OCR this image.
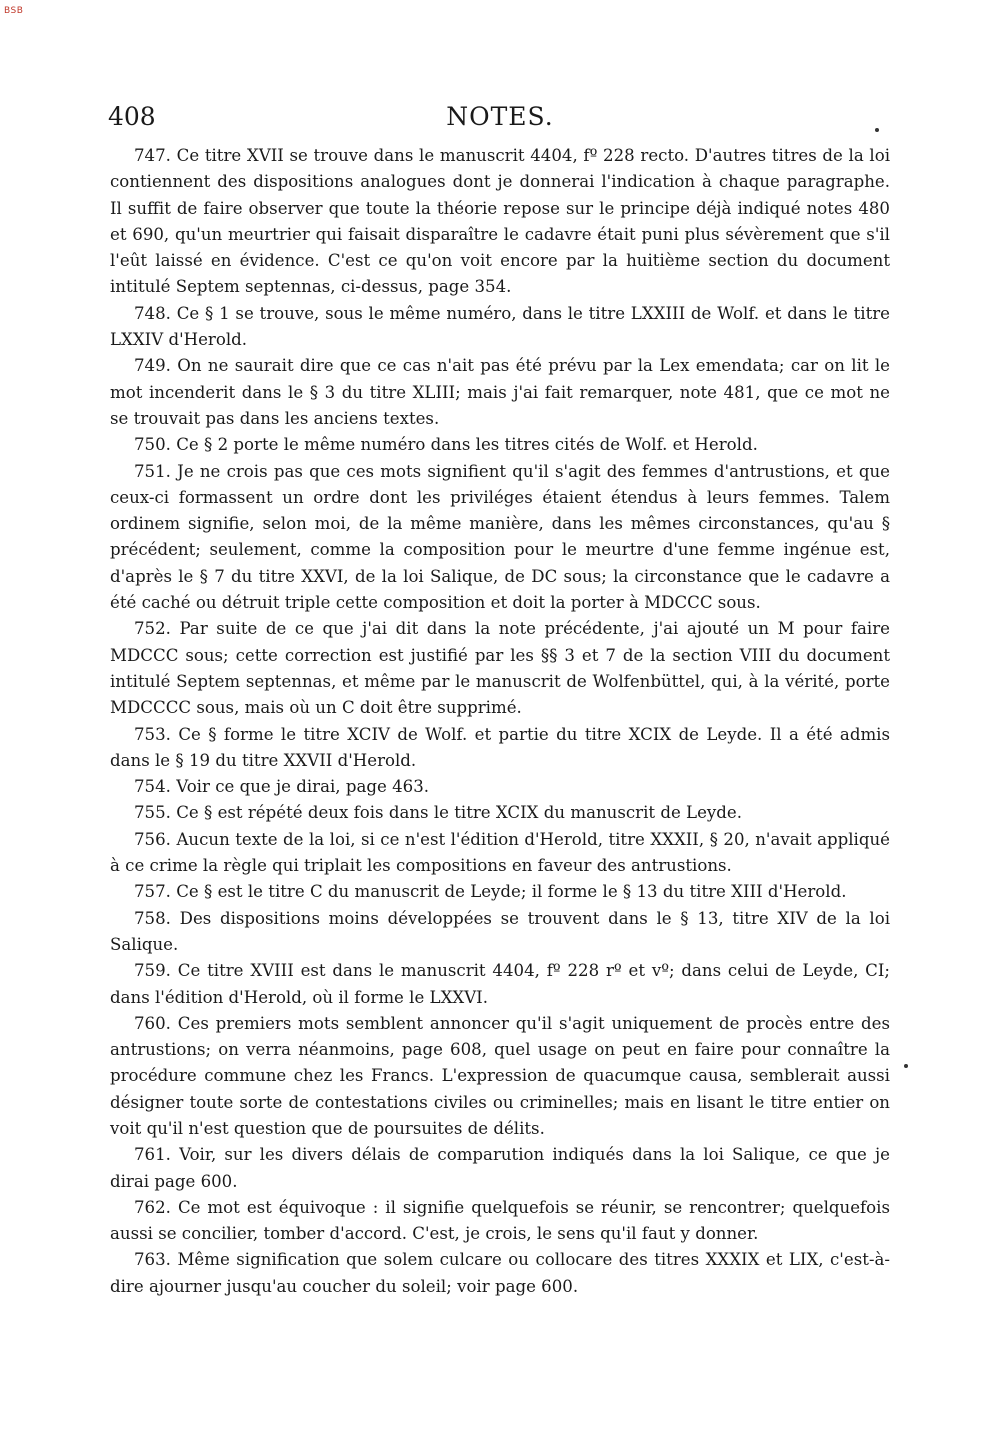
BSB
408	NOTES.

747. Ce titre XVII se trouve dans le manuscrit 4404, fº 228 recto. D'autres titres de la loi contiennent des dispositions analogues dont je donnerai l'indication à chaque paragraphe. Il suffit de faire observer que toute la théorie repose sur le principe déjà indiqué notes 480 et 690, qu'un meurtrier qui faisait disparaître le cadavre était puni plus sévèrement que s'il l'eût laissé en évidence. C'est ce qu'on voit encore par la huitième section du document intitulé Septem septennas, ci-dessus, page 354.

748. Ce § 1 se trouve, sous le même numéro, dans le titre LXXIII de Wolf. et dans le titre LXXIV d'Herold.

749. On ne saurait dire que ce cas n'ait pas été prévu par la Lex emendata; car on lit le mot incenderit dans le § 3 du titre XLIII; mais j'ai fait remarquer, note 481, que ce mot ne se trouvait pas dans les anciens textes.

750. Ce § 2 porte le même numéro dans les titres cités de Wolf. et Herold.

751. Je ne crois pas que ces mots signifient qu'il s'agit des femmes d'antrustions, et que ceux-ci formassent un ordre dont les priviléges étaient étendus à leurs femmes. Talem ordinem signifie, selon moi, de la même manière, dans les mêmes circonstances, qu'au § précédent; seulement, comme la composition pour le meurtre d'une femme ingénue est, d'après le § 7 du titre XXVI, de la loi Salique, de DC sous; la circonstance que le cadavre a été caché ou détruit triple cette composition et doit la porter à MDCCC sous.

752. Par suite de ce que j'ai dit dans la note précédente, j'ai ajouté un M pour faire MDCCC sous; cette correction est justifié par les §§ 3 et 7 de la section VIII du document intitulé Septem septennas, et même par le manuscrit de Wolfenbüttel, qui, à la vérité, porte MDCCCC sous, mais où un C doit être supprimé.

753. Ce § forme le titre XCIV de Wolf. et partie du titre XCIX de Leyde. Il a été admis dans le § 19 du titre XXVII d'Herold.

754. Voir ce que je dirai, page 463.

755. Ce § est répété deux fois dans le titre XCIX du manuscrit de Leyde.

756. Aucun texte de la loi, si ce n'est l'édition d'Herold, titre XXXII, § 20, n'avait appliqué à ce crime la règle qui triplait les compositions en faveur des antrustions.

757. Ce § est le titre C du manuscrit de Leyde; il forme le § 13 du titre XIII d'Herold.

758. Des dispositions moins développées se trouvent dans le § 13, titre XIV de la loi Salique.

759. Ce titre XVIII est dans le manuscrit 4404, fº 228 rº et vº; dans celui de Leyde, CI; dans l'édition d'Herold, où il forme le LXXVI.

760. Ces premiers mots semblent annoncer qu'il s'agit uniquement de procès entre des antrustions; on verra néanmoins, page 608, quel usage on peut en faire pour connaître la procédure commune chez les Francs. L'expression de quacumque causa, semblerait aussi désigner toute sorte de contestations civiles ou criminelles; mais en lisant le titre entier on voit qu'il n'est question que de poursuites de délits.

761. Voir, sur les divers délais de comparution indiqués dans la loi Salique, ce que je dirai page 600.

762. Ce mot est équivoque : il signifie quelquefois se réunir, se rencontrer; quelquefois aussi se concilier, tomber d'accord. C'est, je crois, le sens qu'il faut y donner.

763. Même signification que solem culcare ou collocare des titres XXXIX et LIX, c'est-à-dire ajourner jusqu'au coucher du soleil; voir page 600.
